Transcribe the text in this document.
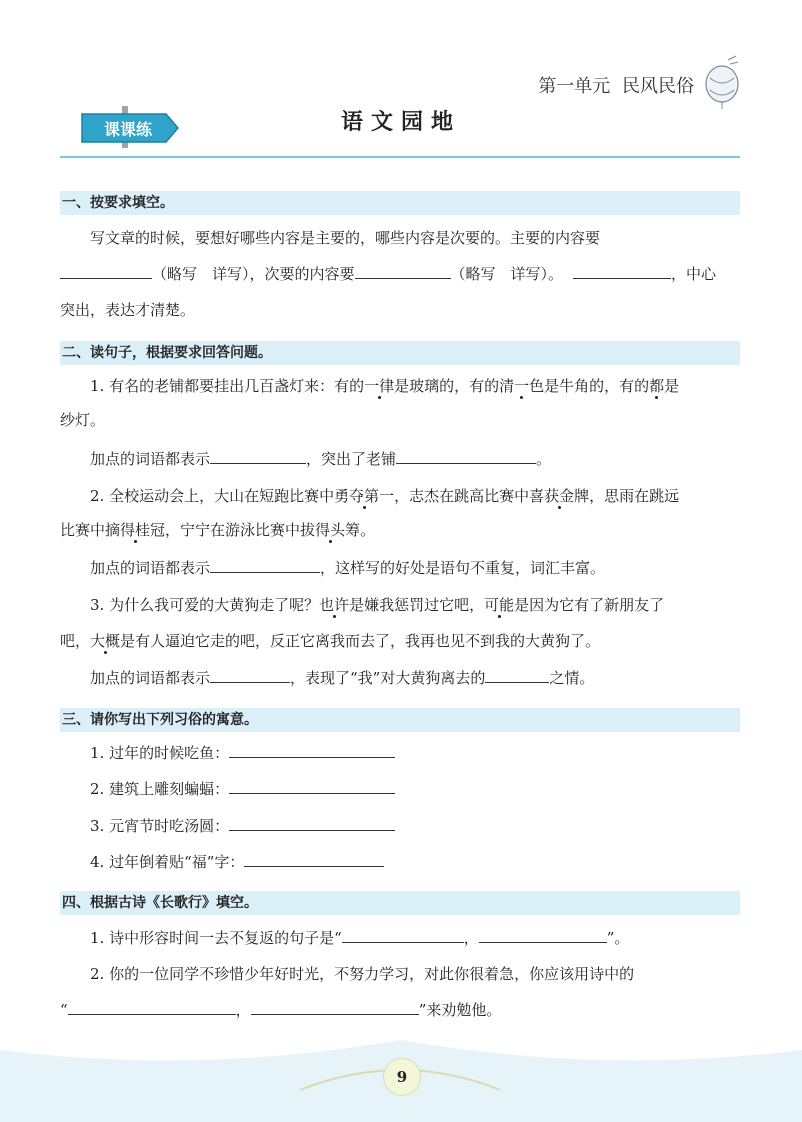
第一单元 民风民俗
课课练	语文园地
一、按要求填空。
写文章的时候，要想好哪些内容是主要的，哪些内容是次要的。主要的内容要
（略写　详写），次要的内容要	（略写　详写）。	，中心
突出，表达才清楚。
二、读句子，根据要求回答问题。
1. 有名的老铺都要挂出几百盏灯来：有的一律是玻璃的，有的清一色是牛角的，有的都是
纱灯。
加点的词语都表示	，突出了老铺	。
2. 全校运动会上，大山在短跑比赛中勇夺第一，志杰在跳高比赛中喜获金牌，思雨在跳远
比赛中摘得桂冠，宁宁在游泳比赛中拔得头筹。
加点的词语都表示	，这样写的好处是语句不重复，词汇丰富。
3. 为什么我可爱的大黄狗走了呢？也许是嫌我惩罚过它吧，可能是因为它有了新朋友了
吧，大概是有人逼迫它走的吧，反正它离我而去了，我再也见不到我的大黄狗了。
加点的词语都表示	，表现了“我”对大黄狗离去的	之情。
三、请你写出下列习俗的寓意。
1. 过年的时候吃鱼：
2. 建筑上雕刻蝙蝠：
3. 元宵节时吃汤圆：
4. 过年倒着贴“福”字：
四、根据古诗《长歌行》填空。
1. 诗中形容时间一去不复返的句子是“	，	”。
2. 你的一位同学不珍惜少年好时光，不努力学习，对此你很着急，你应该用诗中的
“	，	”来劝勉他。
9
